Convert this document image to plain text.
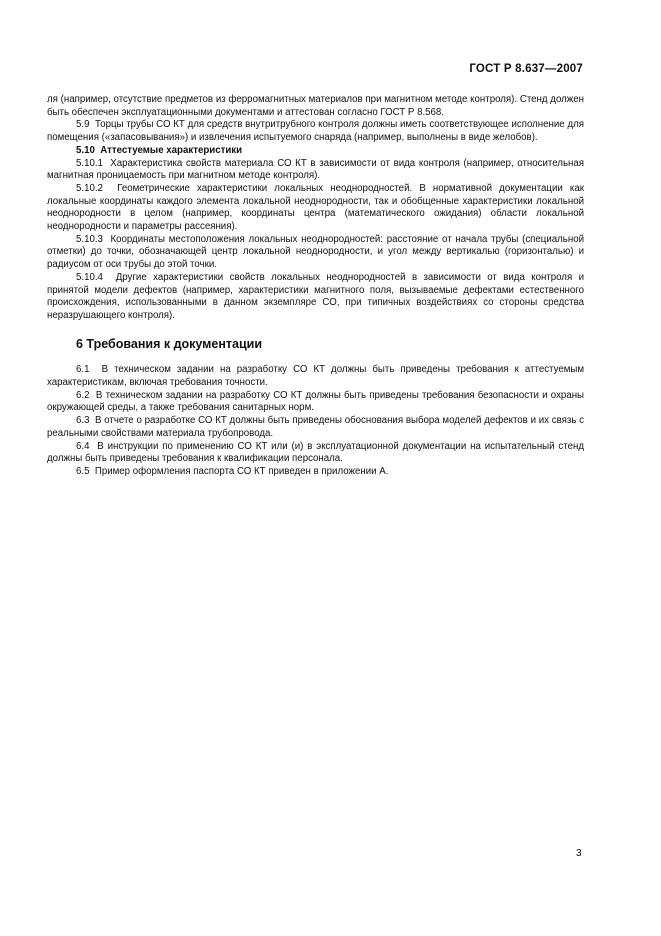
ГОСТ Р 8.637—2007

ля (например, отсутствие предметов из ферромагнитных материалов при магнитном методе контроля). Стенд должен быть обеспечен эксплуатационными документами и аттестован согласно ГОСТ Р 8.568.

5.9 Торцы трубы СО КТ для средств внутритрубного контроля должны иметь соответствующее исполнение для помещения («запасовывания») и извлечения испытуемого снаряда (например, выполнены в виде желобов).

5.10 Аттестуемые характеристики

5.10.1 Характеристика свойств материала СО КТ в зависимости от вида контроля (например, относительная магнитная проницаемость при магнитном методе контроля).

5.10.2 Геометрические характеристики локальных неоднородностей. В нормативной документации как локальные координаты каждого элемента локальной неоднородности, так и обобщенные характеристики локальной неоднородности в целом (например, координаты центра (математического ожидания) области локальной неоднородности и параметры рассеяния).

5.10.3 Координаты местоположения локальных неоднородностей: расстояние от начала трубы (специальной отметки) до точки, обозначающей центр локальной неоднородности, и угол между вертикалью (горизонталью) и радиусом от оси трубы до этой точки.

5.10.4 Другие характеристики свойств локальных неоднородностей в зависимости от вида контроля и принятой модели дефектов (например, характеристики магнитного поля, вызываемые дефектами естественного происхождения, использованными в данном экземпляре СО, при типичных воздействиях со стороны средства неразрушающего контроля).

6 Требования к документации

6.1 В техническом задании на разработку СО КТ должны быть приведены требования к аттестуемым характеристикам, включая требования точности.

6.2 В техническом задании на разработку СО КТ должны быть приведены требования безопасности и охраны окружающей среды, а также требования санитарных норм.

6.3 В отчете о разработке СО КТ должны быть приведены обоснования выбора моделей дефектов и их связь с реальными свойствами материала трубопровода.

6.4 В инструкции по применению СО КТ или (и) в эксплуатационной документации на испытательный стенд должны быть приведены требования к квалификации персонала.

6.5 Пример оформления паспорта СО КТ приведен в приложении А.

3
